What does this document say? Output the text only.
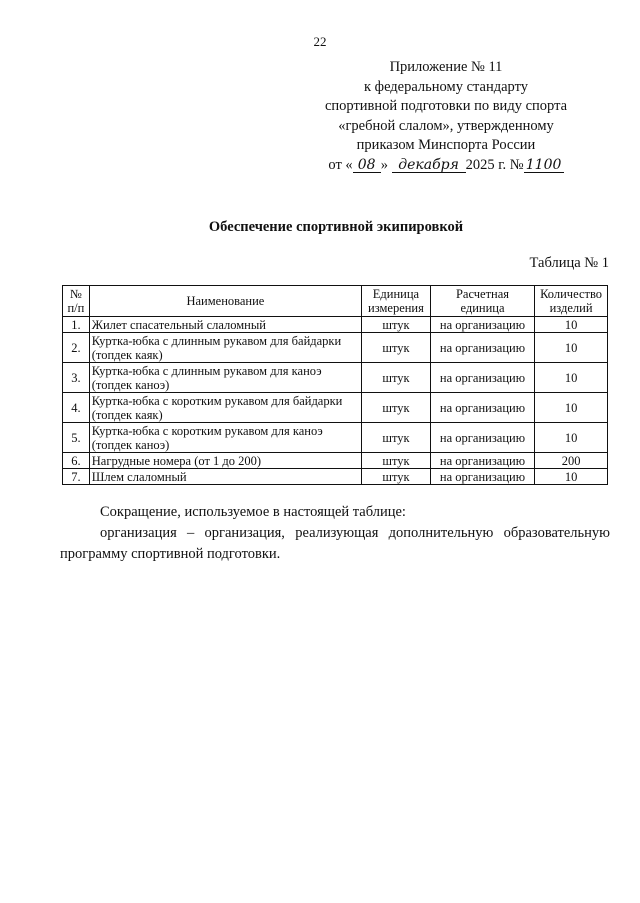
22
Приложение № 11
к федеральному стандарту
спортивной подготовки по виду спорта
«гребной слалом», утвержденному
приказом Минспорта России
от « 08 » декабря 2025 г. № 1100
Обеспечение спортивной экипировкой
Таблица № 1
№ п/п	Наименование	Единица измерения	Расчетная единица	Количество изделий
1.	Жилет спасательный слаломный	штук	на организацию	10
2.	Куртка-юбка с длинным рукавом для байдарки (топдек каяк)	штук	на организацию	10
3.	Куртка-юбка с длинным рукавом для каноэ (топдек каноэ)	штук	на организацию	10
4.	Куртка-юбка с коротким рукавом для байдарки (топдек каяк)	штук	на организацию	10
5.	Куртка-юбка с коротким рукавом для каноэ (топдек каноэ)	штук	на организацию	10
6.	Нагрудные номера (от 1 до 200)	штук	на организацию	200
7.	Шлем слаломный	штук	на организацию	10

Сокращение, используемое в настоящей таблице:

организация – организация, реализующая дополнительную образовательную программу спортивной подготовки.
